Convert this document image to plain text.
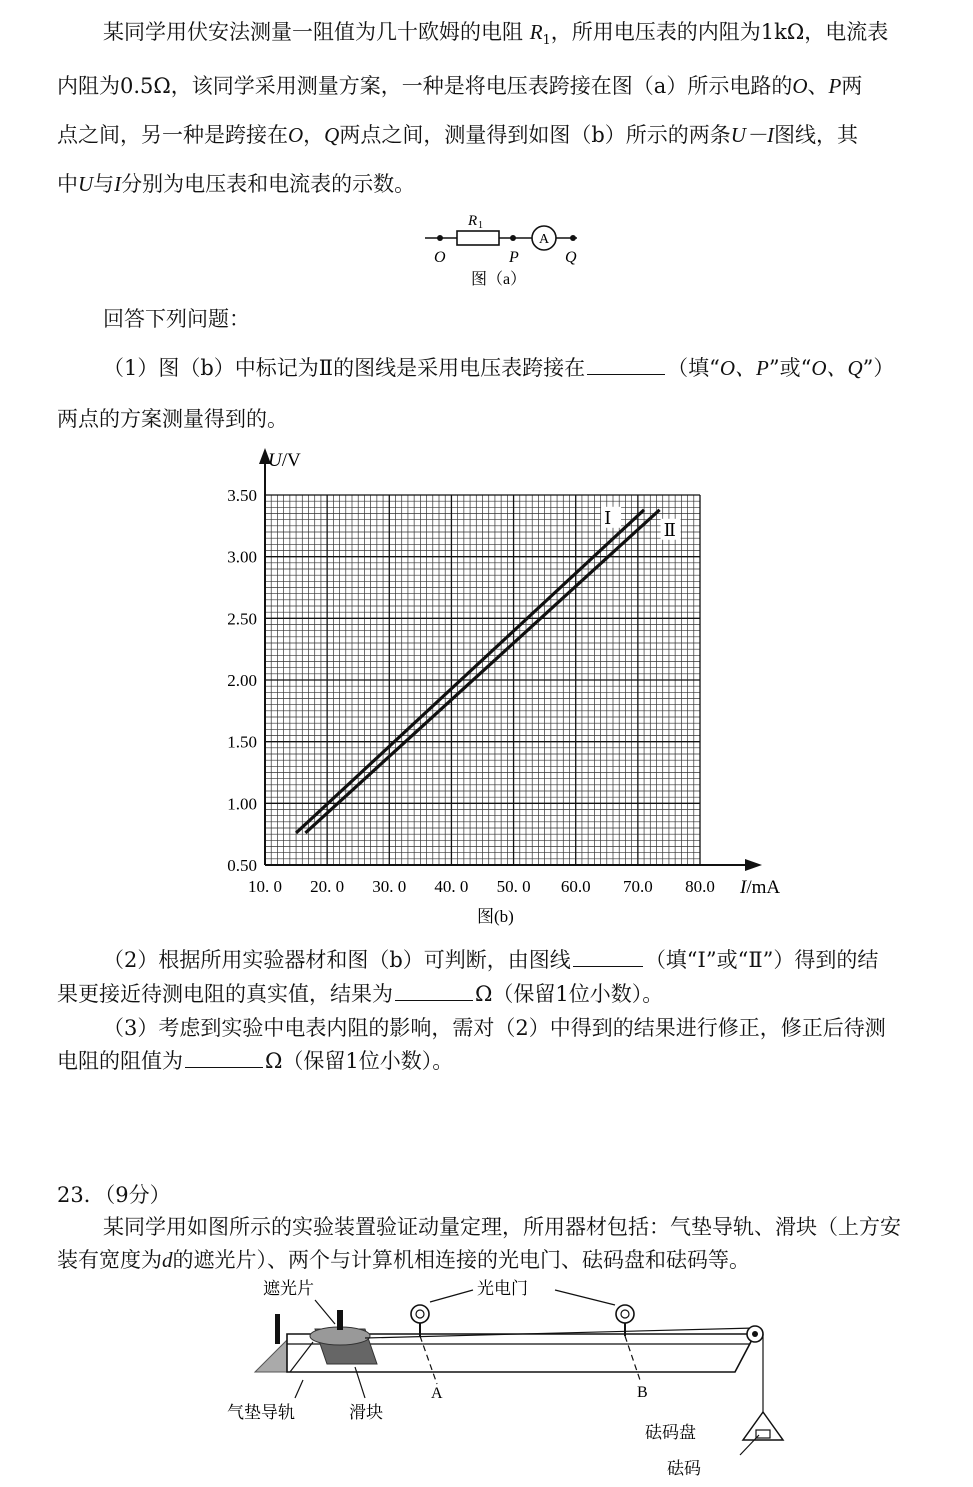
某同学用伏安法测量一阻值为几十欧姆的电阻 $R_1$，所用电压表的内阻为1kΩ，电流表
内阻为0.5Ω，该同学采用测量方案，一种是将电压表跨接在图（a）所示电路的O、P两
点之间，另一种是跨接在O，Q两点之间，测量得到如图（b）所示的两条U－I图线，其
中U与I分别为电压表和电流表的示数。
R 1
A
O	P	Q
图（a）
回答下列问题：
（1）图（b）中标记为Ⅱ的图线是采用电压表跨接在	（填“O、P”或“O、Q”）
两点的方案测量得到的。
Ⅰ
Ⅱ
0.50
1.00
1.50
2.00
2.50
3.00
3.50
10. 0 20. 0 30. 0 40. 0 50. 0 60.0 70.0 80.0
U/V
I/mA
图(b)
（2）根据所用实验器材和图（b）可判断，由图线	（填“Ⅰ”或“Ⅱ”）得到的结
果更接近待测电阻的真实值，结果为	Ω（保留1位小数）。
（3）考虑到实验中电表内阻的影响，需对（2）中得到的结果进行修正，修正后待测
电阻的阻值为	Ω（保留1位小数）。
23．（9分）
某同学用如图所示的实验装置验证动量定理，所用器材包括：气垫导轨、滑块（上方安
装有宽度为d的遮光片）、两个与计算机相连接的光电门、砝码盘和砝码等。
遮光片	光电门
A	B
气垫导轨	滑块
砝码盘
砝码
